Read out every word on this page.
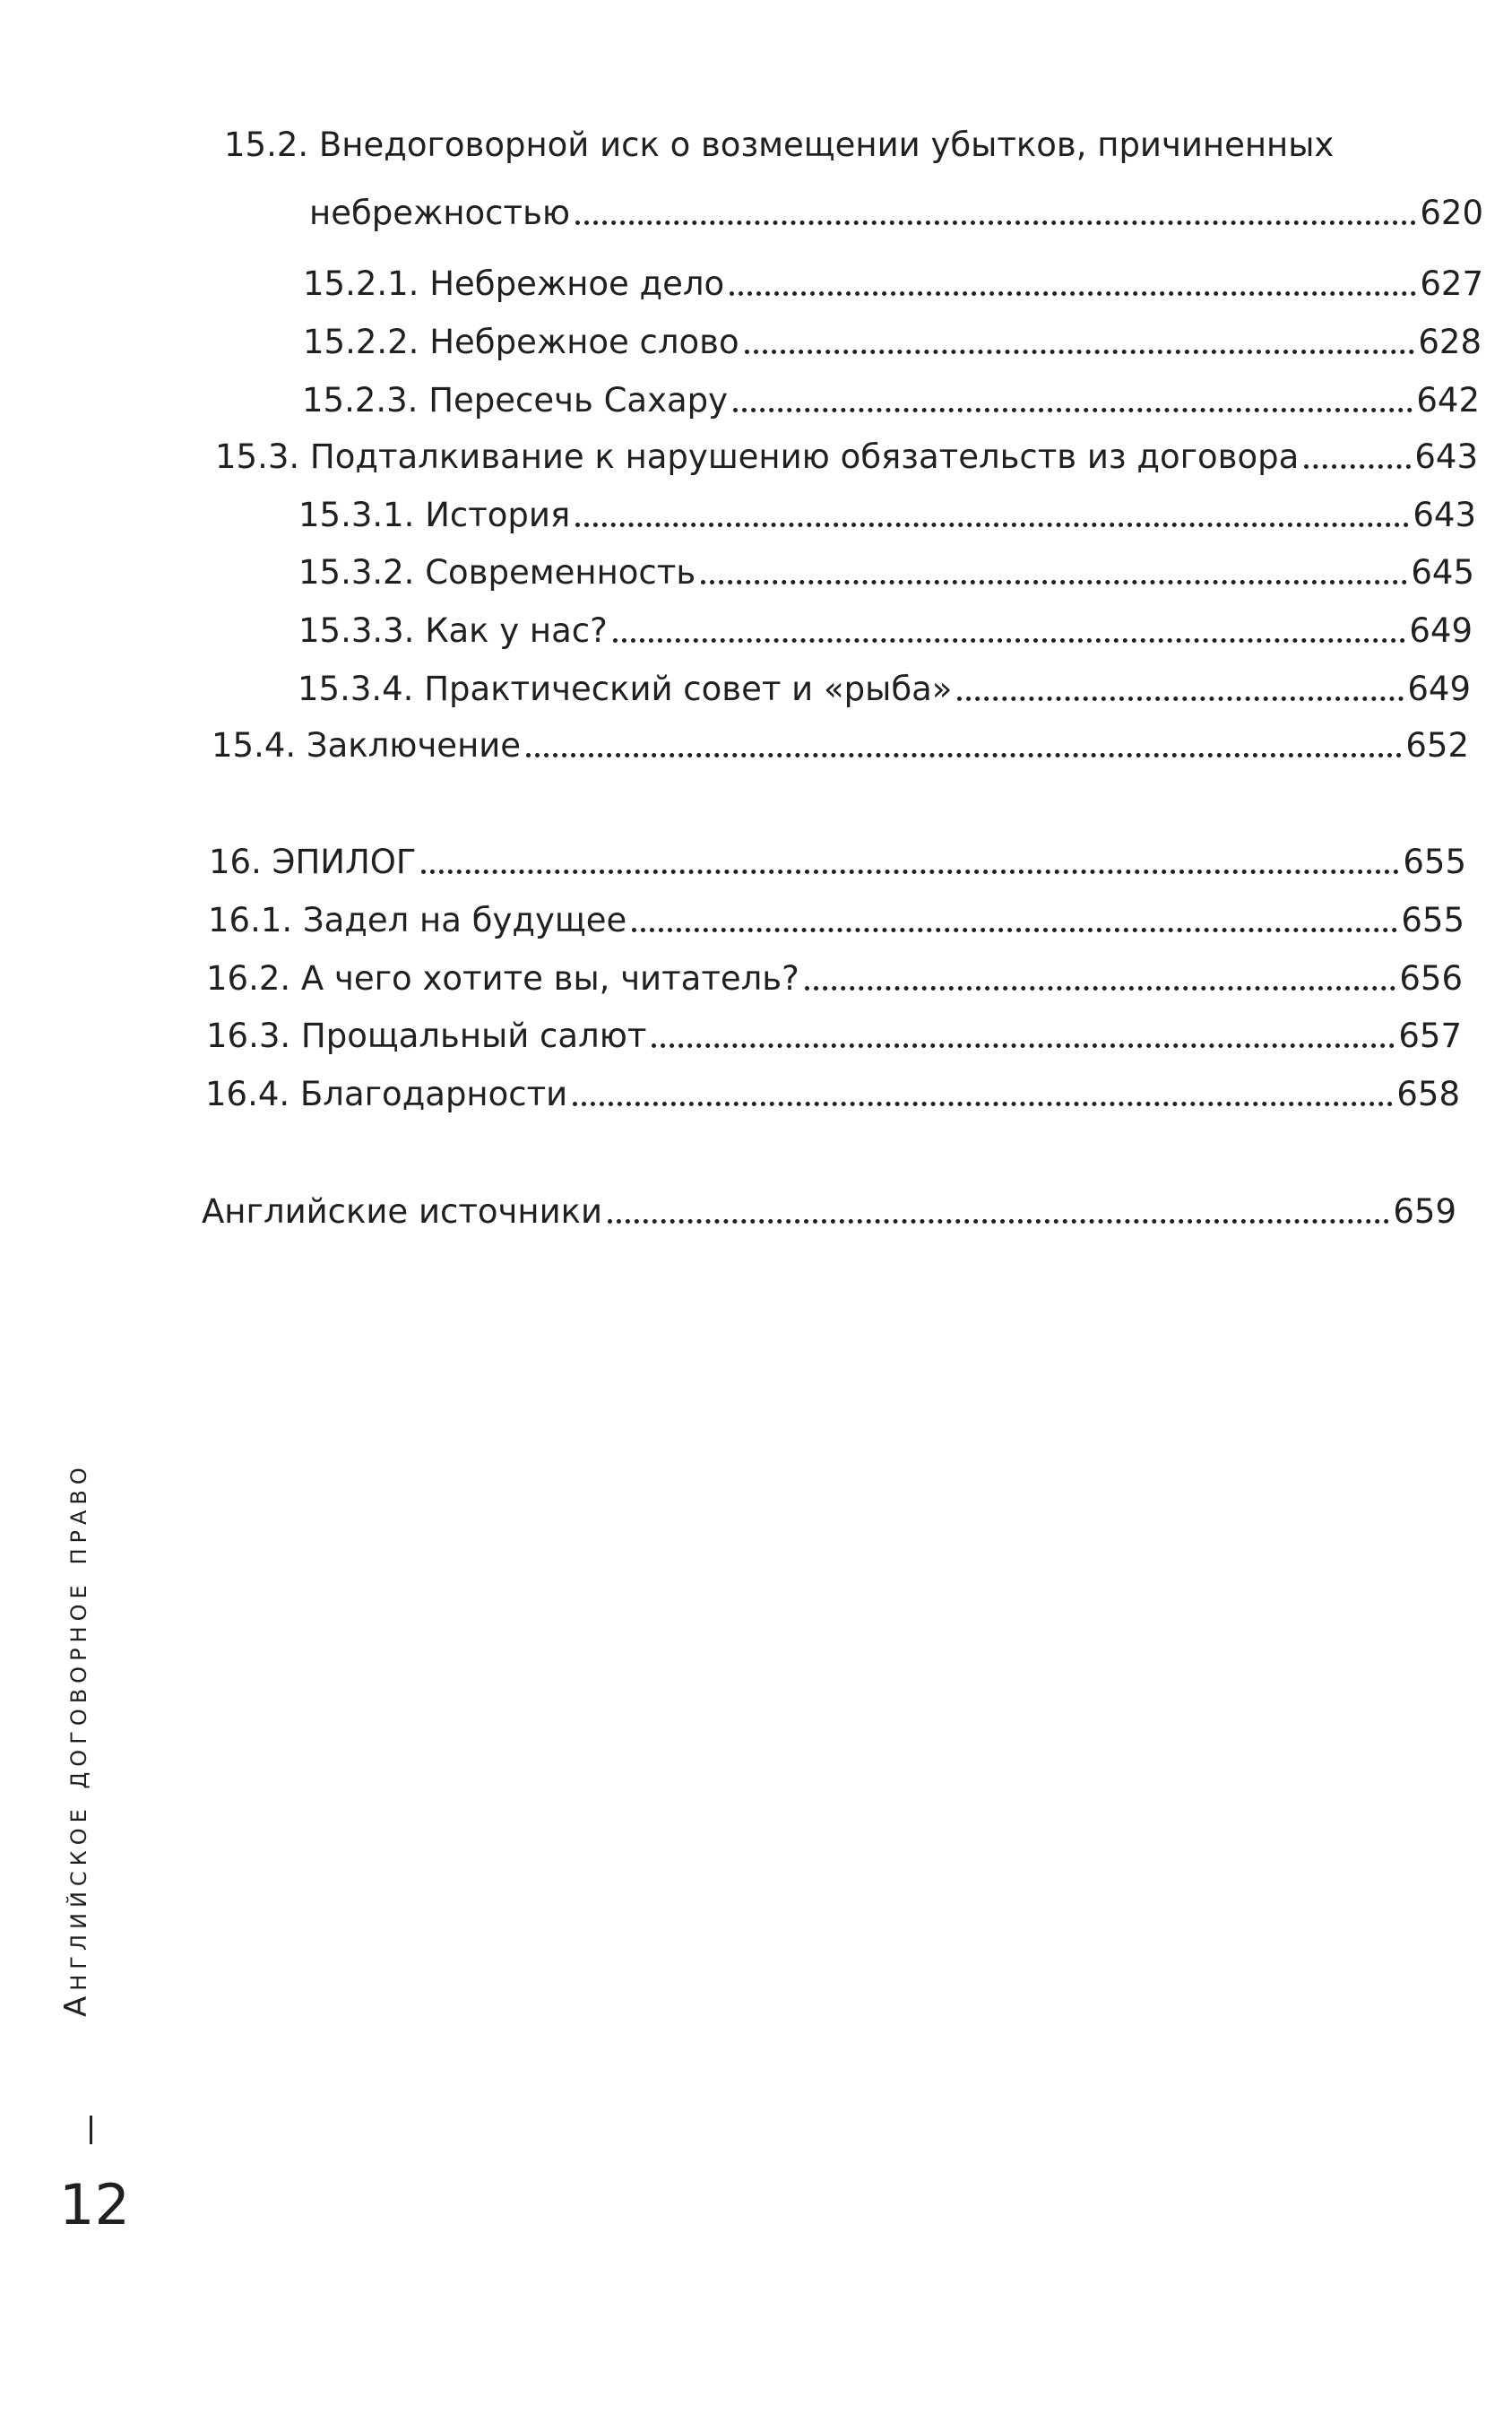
15.2. Внедоговорной иск о возмещении убытков, причиненных
небрежностью	620
15.2.1. Небрежное дело	627
15.2.2. Небрежное слово	628
15.2.3. Пересечь Сахару	642
15.3. Подталкивание к нарушению обязательств из договора	643
15.3.1. История	643
15.3.2. Современность	645
15.3.3. Как у нас?	649
15.3.4. Практический совет и «рыба»	649
15.4. Заключение	652
16. ЭПИЛОГ	655
16.1. Задел на будущее	655
16.2. А чего хотите вы, читатель?	656
16.3. Прощальный салют	657
16.4. Благодарности	658
Английские источники	659
Английское договорное право
12
